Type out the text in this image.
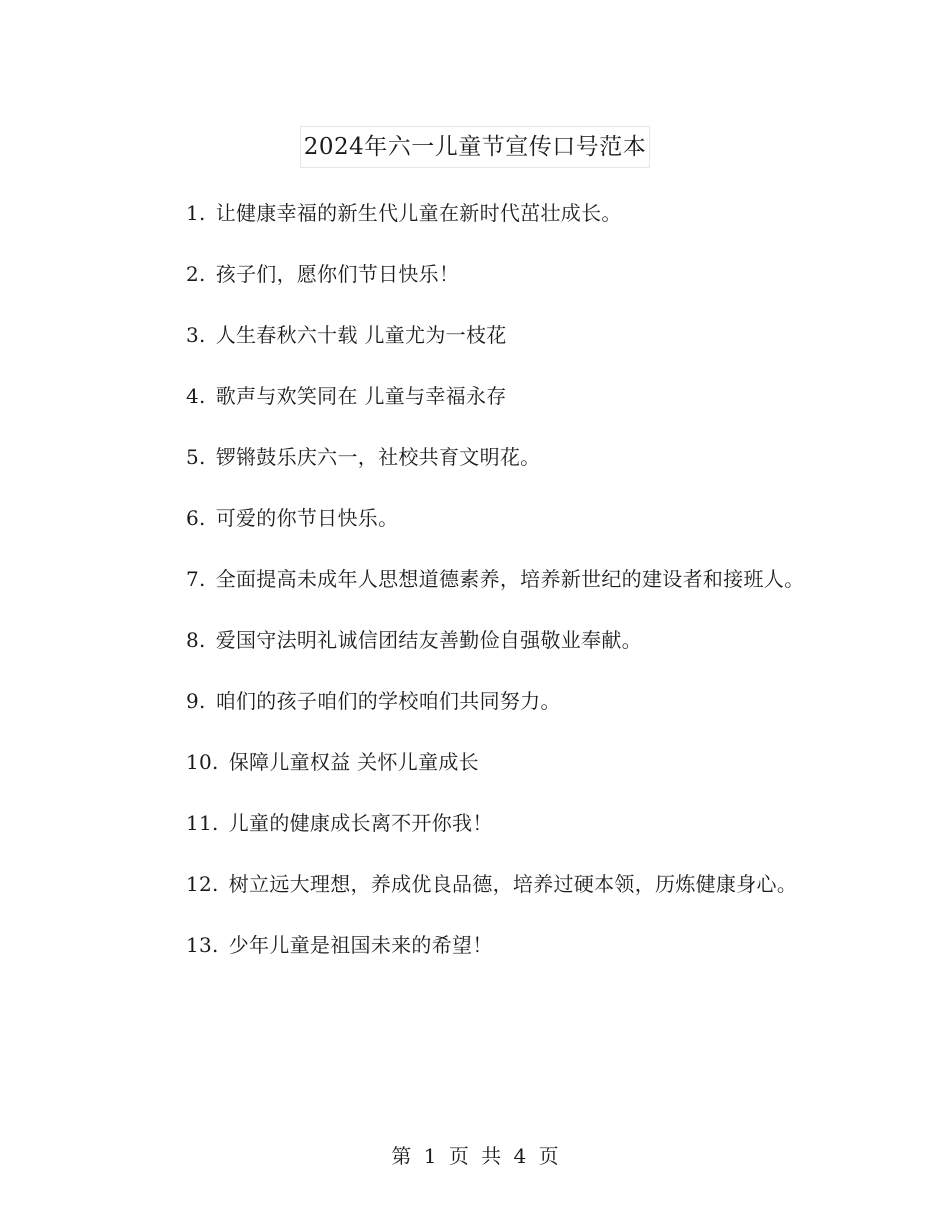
2024年六一儿童节宣传口号范本
1. 让健康幸福的新生代儿童在新时代茁壮成长。
2. 孩子们，愿你们节日快乐！
3. 人生春秋六十载 儿童尤为一枝花
4. 歌声与欢笑同在 儿童与幸福永存
5. 锣锵鼓乐庆六一，社校共育文明花。
6. 可爱的你节日快乐。
7. 全面提高未成年人思想道德素养，培养新世纪的建设者和接班人。
8. 爱国守法明礼诚信团结友善勤俭自强敬业奉献。
9. 咱们的孩子咱们的学校咱们共同努力。
10. 保障儿童权益 关怀儿童成长
11. 儿童的健康成长离不开你我！
12. 树立远大理想，养成优良品德，培养过硬本领，历炼健康身心。
13. 少年儿童是祖国未来的希望！
第 1 页 共 4 页
